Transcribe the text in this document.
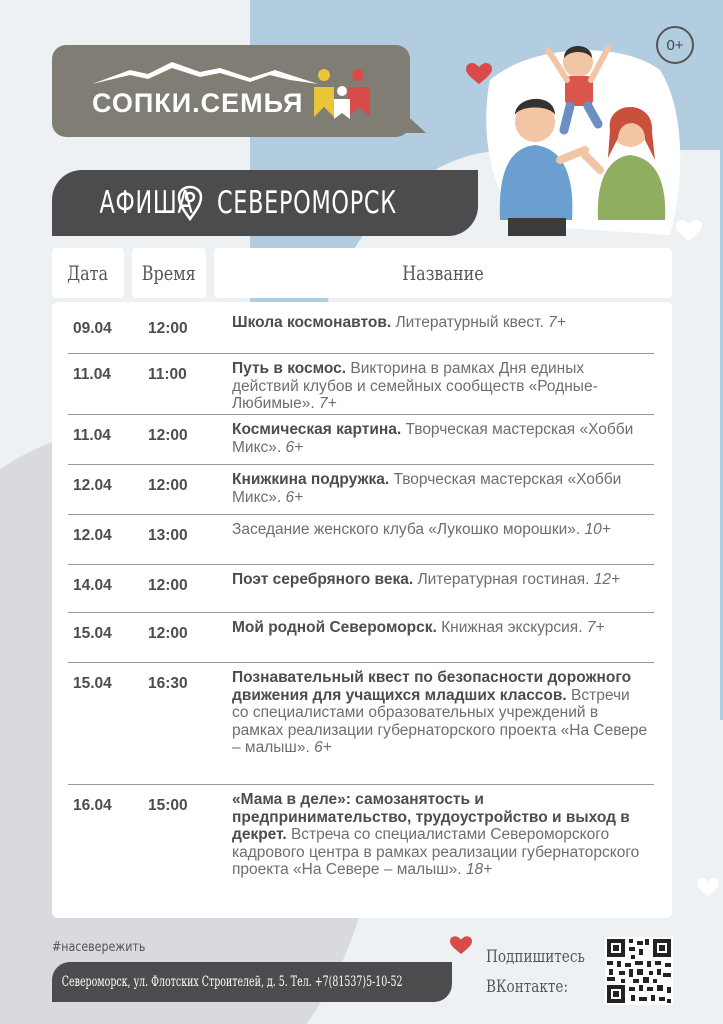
СОПКИ.СЕМЬЯ
0+
АФИША СЕВЕРОМОРСК
Дата Время	Название
09.04 12:00	Школа космонавтов. Литературный квест. 7+
11.04 11:00	Путь в космос. Викторина в рамках Дня единых действий клубов и семейных сообществ «Родные-Любимые». 7+
11.04 12:00	Космическая картина. Творческая мастерская «Хобби Микс». 6+
12.04 12:00	Книжкина подружка. Творческая мастерская «Хобби Микс». 6+
12.04 13:00	Заседание женского клуба «Лукошко морошки». 10+
14.04 12:00	Поэт серебряного века. Литературная гостиная. 12+
15.04 12:00	Мой родной Североморск. Книжная экскурсия. 7+
15.04 16:30	Познавательный квест по безопасности дорожного движения для учащихся младших классов. Встречи со специалистами образовательных учреждений в рамках реализации губернаторского проекта «На Севере – малыш». 6+
16.04 15:00	«Мама в деле»: самозанятость и предпринимательство, трудоустройство и выход в декрет. Встреча со специалистами Североморского кадрового центра в рамках реализации губернаторского проекта «На Севере – малыш». 18+
#насевережить
Североморск, ул. Флотских Строителей, д. 5. Тел. +7(81537)5-10-52
Подпишитесь
ВКонтакте:
